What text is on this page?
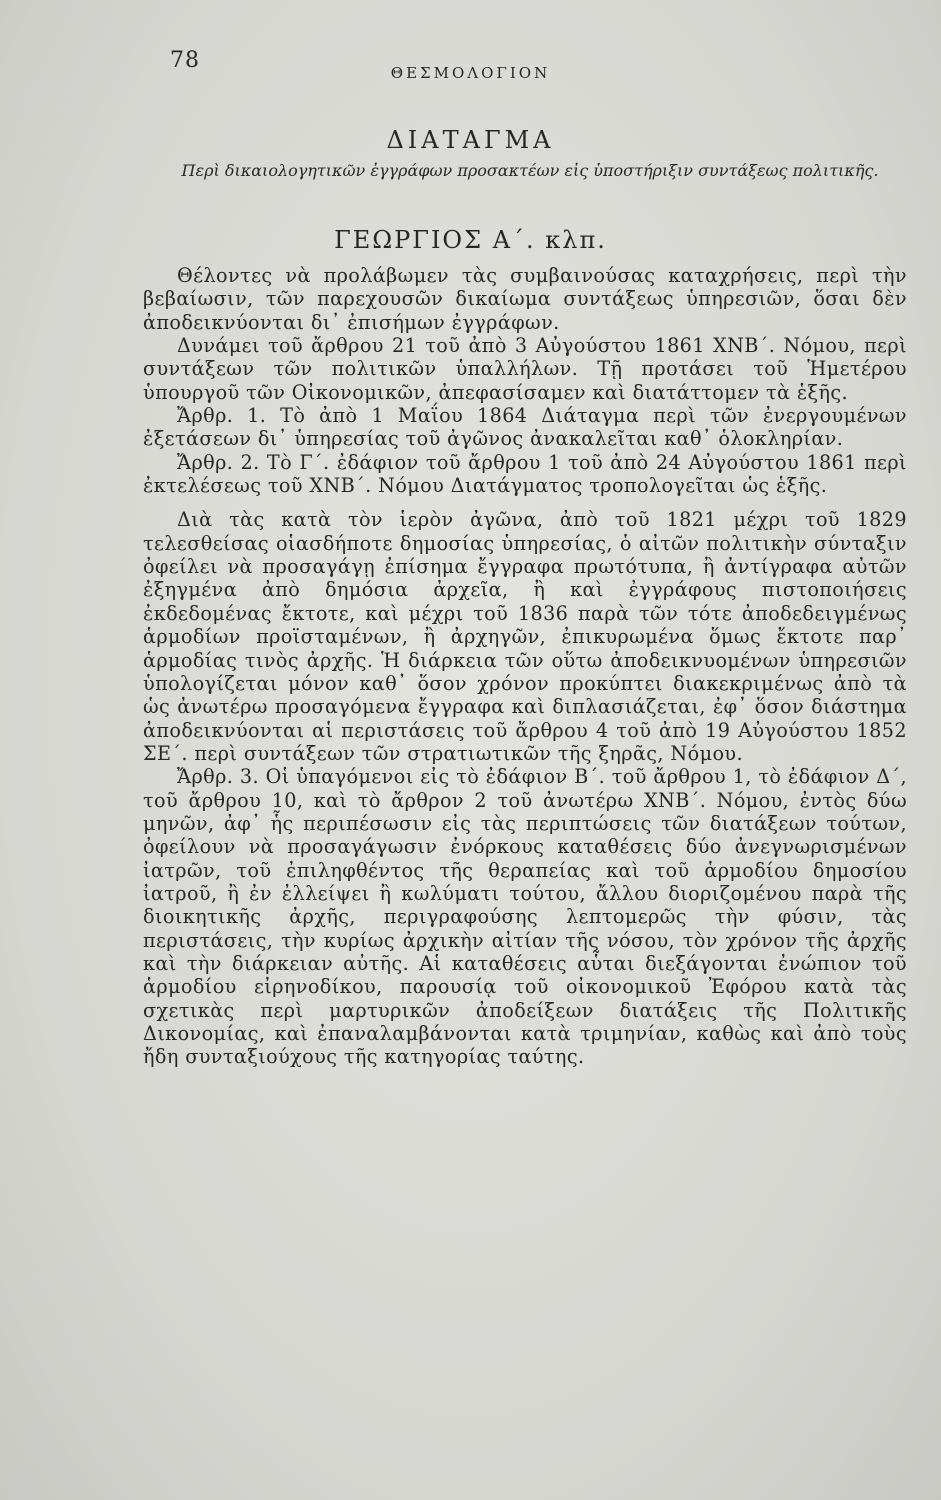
78	ΘΕΣΜΟΛΟΓΙΟΝ
ΔΙΑΤΑΓΜΑ
Περὶ δικαιολογητικῶν ἐγγράφων προσακτέων εἰς ὑποστήριξιν συντάξεως πολιτικῆς.
ΓΕΩΡΓΙΟΣ Α΄. κλπ.

Θέλοντες νὰ προλάβωμεν τὰς συμβαινούσας καταχρήσεις, περὶ τὴν βεβαίωσιν, τῶν παρεχουσῶν δικαίωμα συντάξεως ὑπηρεσιῶν, ὅσαι δὲν ἀποδεικνύονται δι᾽ ἐπισήμων ἐγγράφων.

Δυνάμει τοῦ ἄρθρου 21 τοῦ ἀπὸ 3 Αὐγούστου 1861 ΧΝΒ΄. Νόμου, περὶ συντάξεων τῶν πολιτικῶν ὑπαλλήλων. Τῇ προτάσει τοῦ Ἡμετέρου ὑπουργοῦ τῶν Οἰκονομικῶν, ἀπεφασίσαμεν καὶ διατάττομεν τὰ ἑξῆς.

Ἄρθρ. 1. Τὸ ἀπὸ 1 Μαΐου 1864 Διάταγμα περὶ τῶν ἐνεργουμένων ἐξετάσεων δι᾽ ὑπηρεσίας τοῦ ἀγῶνος ἀνακαλεῖται καθ᾽ ὁλοκληρίαν.

Ἄρθρ. 2. Τὸ Γ΄. ἐδάφιον τοῦ ἄρθρου 1 τοῦ ἀπὸ 24 Αὐγούστου 1861 περὶ ἐκτελέσεως τοῦ ΧΝΒ΄. Νόμου Διατάγματος τροπολογεῖται ὡς ἑξῆς.

Διὰ τὰς κατὰ τὸν ἱερὸν ἀγῶνα, ἀπὸ τοῦ 1821 μέχρι τοῦ 1829 τελεσθείσας οἱασδήποτε δημοσίας ὑπηρεσίας, ὁ αἰτῶν πολιτικὴν σύνταξιν ὀφείλει νὰ προσαγάγῃ ἐπίσημα ἔγγραφα πρωτότυπα, ἢ ἀντίγραφα αὐτῶν ἐξηγμένα ἀπὸ δημόσια ἀρχεῖα, ἢ καὶ ἐγγράφους πιστοποιήσεις ἐκδεδομένας ἔκτοτε, καὶ μέχρι τοῦ 1836 παρὰ τῶν τότε ἀποδεδειγμένως ἁρμοδίων προϊσταμένων, ἢ ἀρχηγῶν, ἐπικυρωμένα ὅμως ἔκτοτε παρ᾽ ἁρμοδίας τινὸς ἀρχῆς. Ἡ διάρκεια τῶν οὕτω ἀποδεικνυομένων ὑπηρεσιῶν ὑπολογίζεται μόνον καθ᾽ ὅσον χρόνον προκύπτει διακεκριμένως ἀπὸ τὰ ὡς ἀνωτέρω προσαγόμενα ἔγγραφα καὶ διπλασιάζεται, ἐφ᾽ ὅσον διάστημα ἀποδεικνύονται αἱ περιστάσεις τοῦ ἄρθρου 4 τοῦ ἀπὸ 19 Αὐγούστου 1852 ΣΕ΄. περὶ συντάξεων τῶν στρατιωτικῶν τῆς ξηρᾶς, Νόμου.

Ἄρθρ. 3. Οἱ ὑπαγόμενοι εἰς τὸ ἐδάφιον Β΄. τοῦ ἄρθρου 1, τὸ ἐδάφιον Δ΄, τοῦ ἄρθρου 10, καὶ τὸ ἄρθρον 2 τοῦ ἀνωτέρω ΧΝΒ΄. Νόμου, ἐντὸς δύω μηνῶν, ἀφ᾽ ἧς περιπέσωσιν εἰς τὰς περιπτώσεις τῶν διατάξεων τούτων, ὀφείλουν νὰ προσαγάγωσιν ἐνόρκους καταθέσεις δύο ἀνεγνωρισμένων ἰατρῶν, τοῦ ἐπιληφθέντος τῆς θεραπείας καὶ τοῦ ἁρμοδίου δημοσίου ἰατροῦ, ἢ ἐν ἐλλείψει ἢ κωλύματι τούτου, ἄλλου διοριζομένου παρὰ τῆς διοικητικῆς ἀρχῆς, περιγραφούσης λεπτομερῶς τὴν φύσιν, τὰς περιστάσεις, τὴν κυρίως ἀρχικὴν αἰτίαν τῆς νόσου, τὸν χρόνον τῆς ἀρχῆς καὶ τὴν διάρκειαν αὐτῆς. Αἱ καταθέσεις αὗται διεξάγονται ἐνώπιον τοῦ ἁρμοδίου εἰρηνοδίκου, παρουσίᾳ τοῦ οἰκονομικοῦ Ἐφόρου κατὰ τὰς σχετικὰς περὶ μαρτυρικῶν ἀποδείξεων διατάξεις τῆς Πολιτικῆς Δικονομίας, καὶ ἐπαναλαμβάνονται κατὰ τριμηνίαν, καθὼς καὶ ἀπὸ τοὺς ἤδη συνταξιούχους τῆς κατηγορίας ταύτης.
